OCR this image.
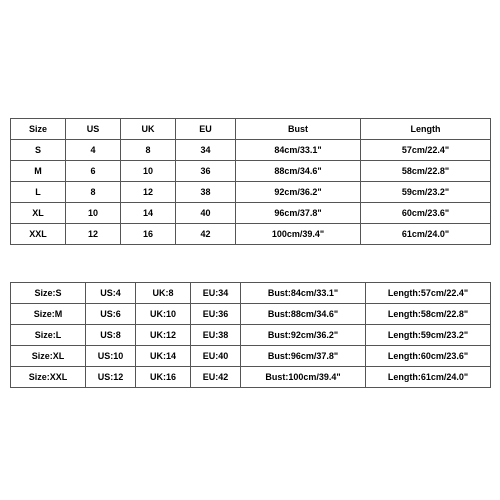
Size	US	UK	EU	Bust	Length
S	4	8	34	84cm/33.1"	57cm/22.4"
M	6	10	36	88cm/34.6"	58cm/22.8"
L	8	12	38	92cm/36.2"	59cm/23.2"
XL	10	14	40	96cm/37.8"	60cm/23.6"
XXL	12	16	42	100cm/39.4"	61cm/24.0"
Size:S	US:4	UK:8	EU:34	Bust:84cm/33.1"	Length:57cm/22.4"
Size:M	US:6	UK:10	EU:36	Bust:88cm/34.6"	Length:58cm/22.8"
Size:L	US:8	UK:12	EU:38	Bust:92cm/36.2"	Length:59cm/23.2"
Size:XL	US:10	UK:14	EU:40	Bust:96cm/37.8"	Length:60cm/23.6"
Size:XXL	US:12	UK:16	EU:42	Bust:100cm/39.4"	Length:61cm/24.0"
